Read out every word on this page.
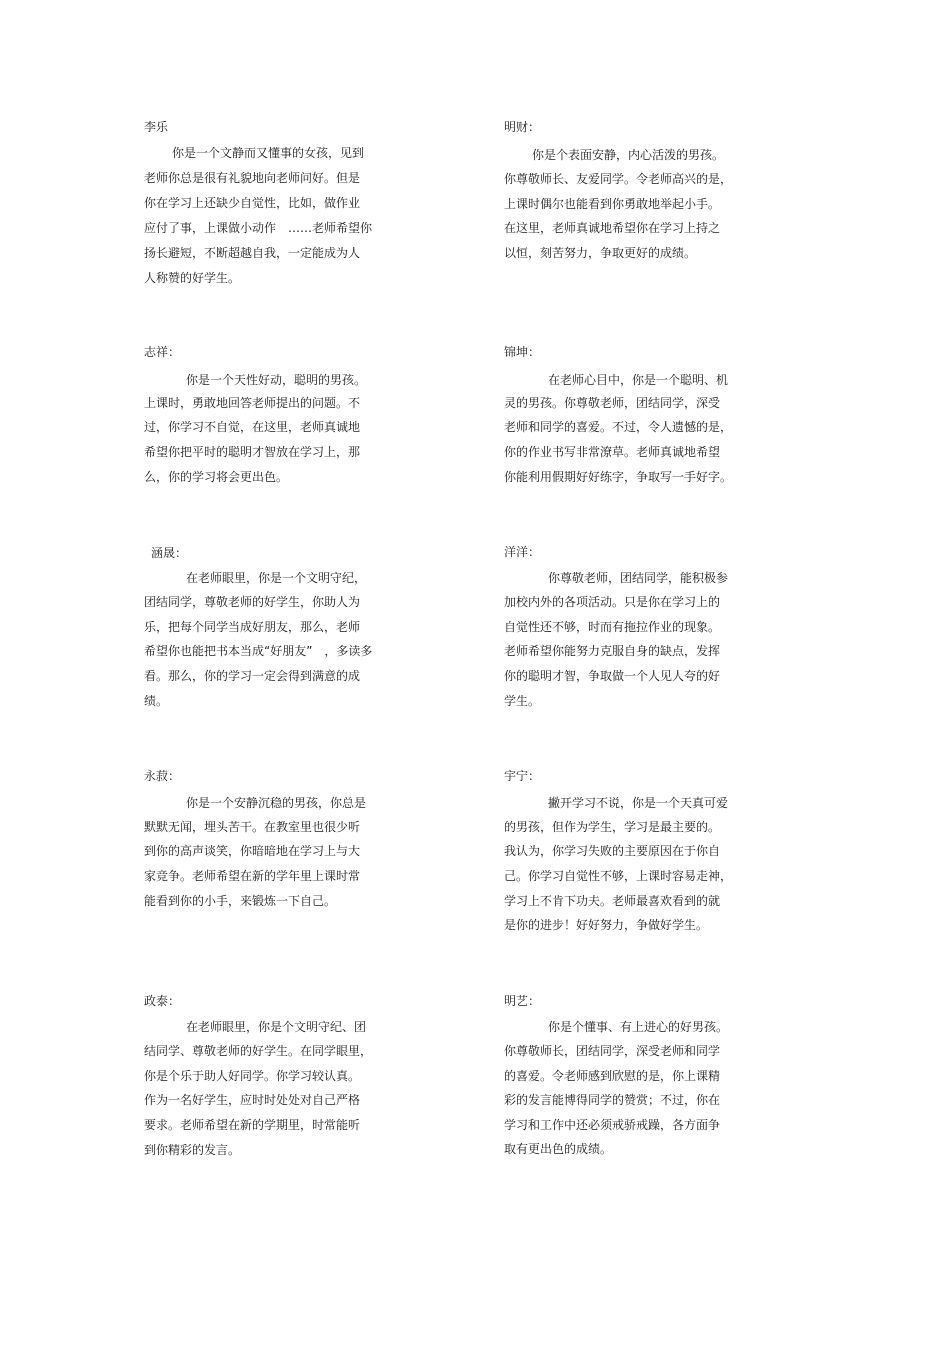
李乐
你是一个文静而又懂事的女孩，见到
老师你总是很有礼貌地向老师问好。但是
你在学习上还缺少自觉性，比如，做作业
应付了事，上课做小动作　……老师希望你
扬长避短，不断超越自我，一定能成为人
人称赞的好学生。
明财：
你是个表面安静，内心活泼的男孩。
你尊敬师长、友爱同学。令老师高兴的是，
上课时偶尔也能看到你勇敢地举起小手。
在这里，老师真诚地希望你在学习上持之
以恒，刻苦努力，争取更好的成绩。
志祥：
你是一个天性好动，聪明的男孩。
上课时，勇敢地回答老师提出的问题。不
过，你学习不自觉，在这里，老师真诚地
希望你把平时的聪明才智放在学习上，那
么，你的学习将会更出色。
锦坤：
在老师心目中，你是一个聪明、机
灵的男孩。你尊敬老师，团结同学，深受
老师和同学的喜爱。不过，令人遗憾的是，
你的作业书写非常潦草。老师真诚地希望
你能利用假期好好练字，争取写一手好字。
涵晟：
在老师眼里，你是一个文明守纪，
团结同学，尊敬老师的好学生，你助人为
乐，把每个同学当成好朋友，那么，老师
希望你也能把书本当成“好朋友”　，多读多
看。那么，你的学习一定会得到满意的成
绩。
洋洋：
你尊敬老师，团结同学，能积极参
加校内外的各项活动。只是你在学习上的
自觉性还不够，时而有拖拉作业的现象。
老师希望你能努力克服自身的缺点，发挥
你的聪明才智，争取做一个人见人夸的好
学生。
永菽：
你是一个安静沉稳的男孩，你总是
默默无闻，埋头苦干。在教室里也很少听
到你的高声谈笑，你暗暗地在学习上与大
家竞争。老师希望在新的学年里上课时常
能看到你的小手，来锻炼一下自己。
宇宁：
撇开学习不说，你是一个天真可爱
的男孩，但作为学生，学习是最主要的。
我认为，你学习失败的主要原因在于你自
己。你学习自觉性不够，上课时容易走神，
学习上不肯下功夫。老师最喜欢看到的就
是你的进步！好好努力，争做好学生。
政泰：
在老师眼里，你是个文明守纪、团
结同学、尊敬老师的好学生。在同学眼里，
你是个乐于助人好同学。你学习较认真。
作为一名好学生，应时时处处对自己严格
要求。老师希望在新的学期里，时常能听
到你精彩的发言。
明艺：
你是个懂事、有上进心的好男孩。
你尊敬师长，团结同学，深受老师和同学
的喜爱。令老师感到欣慰的是，你上课精
彩的发言能博得同学的赞赏；不过，你在
学习和工作中还必须戒骄戒躁，各方面争
取有更出色的成绩。
